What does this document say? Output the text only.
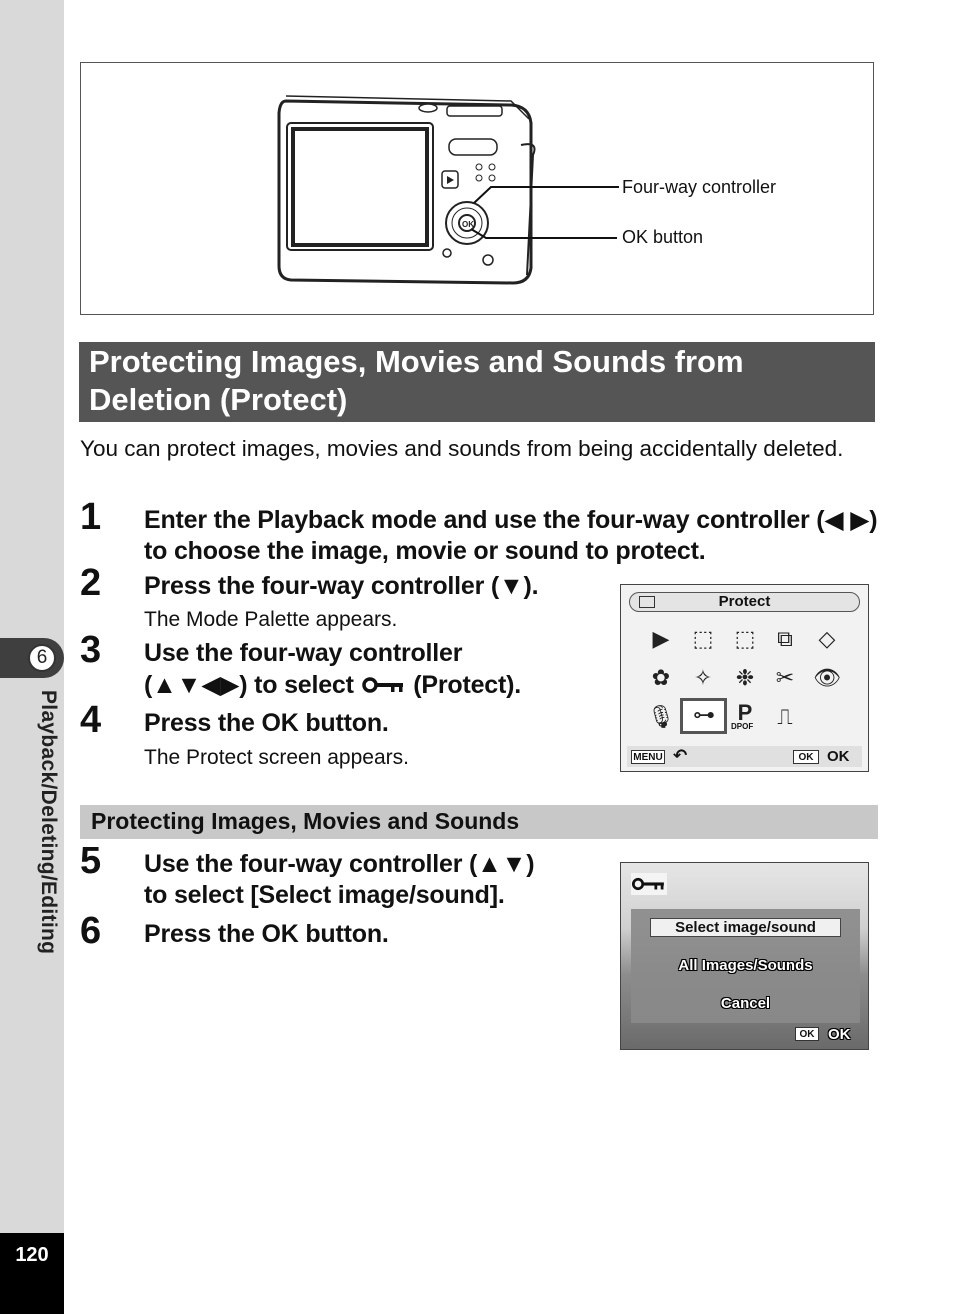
6
Playback/Deleting/Editing
120
OK
Four-way controller
OK button
Protecting Images, Movies and Sounds from Deletion (Protect)
You can protect images, movies and sounds from being accidentally deleted.
1 Enter the Playback mode and use the four-way controller (◀ ▶) to choose the image, movie or sound to protect.
2 Press the four-way controller (▼).
The Mode Palette appears.
3 Use the four-way controller
(▲▼◀▶) to select (Protect).
4 Press the OK button.
The Protect screen appears.
Protect
▶	⬚ ⬚ ⧉	◇
✿	✧	❉ ✂ 👁
🎙 ⊶	P
DPOF	⎍
MENU ↶	OK OK
Protecting Images, Movies and Sounds
5 Use the four-way controller (▲▼)
to select [Select image/sound].
6 Press the OK button.	Select image/sound
All Images/Sounds
Cancel
OK OK
